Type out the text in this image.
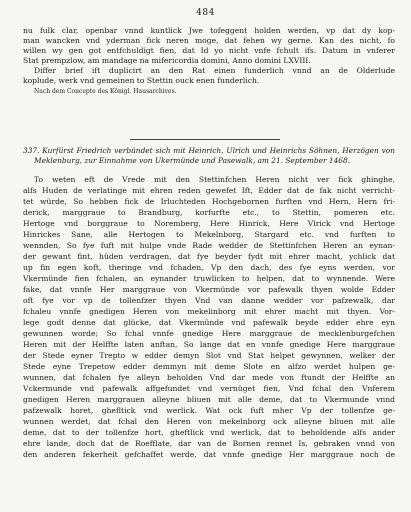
484
nu fulk clar, openbar vnnd kuntlick Jwe tofeggent holden werden, vp dat dy kop-
man wancken vnd yderman fick neren moge, dat fehen wy gerne. Kan des nicht, fo
willen wy gen got entfchuldigt fien, dat Id yo nicht vnfe fchult ifs. Datum in vnferer
Stat prempzlow, am mandage na mifericordia domini, Anno domini LXVIII.
Differ brief ift duplicirt an den Rat einen funderlich vnnd an de Olderlude
koplude, werk vnd gemeinen to Stettin ouck enen funderlich.
Nach dem Concepte des Königl. Hausarchives.
337. Kurfürst Friedrich verbündet sich mit Heinrich, Ulrich und Heinrichs Söhnen, Herzögen von
Meklenburg, zur Einnahme von Ukermünde und Pasewalk, am 21. September 1468.
To weten eft de Vrede mit den Stettinfchen Heren nicht ver fick ghinghe,
alfs Huden de verlatinge mit ehren reden gewefet Ift, Edder dat de fak nicht verricht-
tet würde, So hebben fick de Irluchteden Hochgebornen furften vnd Hern, Hern fri-
derick, marggraue to Brandburg, korfurfte etc., to Stettin, pomeren etc.
Hertoge vnd borggraue to Noremberg, Here Hinrick, Here Vlrick vnd Hertoge
Hinrickes Sane, alle Hertogen to Mekelnborg, Stargard etc. vnd furften to
wennden, So fye fuft mit hulpe vnde Rade wedder de Stettinfchen Heren an eynan-
der gewant fint, hüden verdragen, dat fye beyder fydt mit ehrer macht, ychlick dat
up fin egen koft, theringe vnd fchaden, Vp den dach, des fye eyns werden, vor
Vkermünde fien fchalen, an eynander truwlicken to helpen, dat to wynnende. Were
fake, dat vnnfe Her marggraue von Vkermünde vor pafewalk thyen wolde Edder
oft fye vor vp de tollenfzer thyen Vnd van danne wedder vor pafzewalk, dar
fchaleu vnnfe gnedigen Heren von mekelinborg mit ehrer macht mit thyen. Vor-
lege godt denne dat glücke, dat Vkermünde vnd pafewalk beyde edder ehre eyn
gewunnen worde; So fchal vnnfe gnedige Here marggraue de mecklenburgefchen
Heren mit der Helffte laten anftan, So lange dat en vnnfe gnedige Here marggraue
der Stede eyner Trepto w edder demyn Slot vnd Stat helpet gewynnen, welker der
Stede eyne Trepetow edder demmyn mit deme Slote en alfzo werdet hulpen ge-
wunnen, dat fchalen fye alleyn beholden Vnd dar mede von ftundt der Helffte an
Vckermunde vnd pafewalk affgefundet vnd vernüget fien, Vnd fchal den Vnferem
gnedigen Heren marggrauen alleyne bliuen mit alle deme, dat to Vkermunde vnnd
pafzewalk horet, ghefltick vnd werlick. Wat ock fuft mher Vp der tollenfze ge-
wunnen werdet, dat fchal den Heren von mekelnborg ock alleyne bliuen mit alle
deme, dat to der tollenfze hort, gheftlick vnd werlick, dat to beholdende alfs ander
ehre lande, doch dat de Roefflate, dar van de Bornen rennet Is, gebraken vnnd von
den anderen fekerheit gefchaffet werde, dat vnnfe gnedige Her marggraue noch de
